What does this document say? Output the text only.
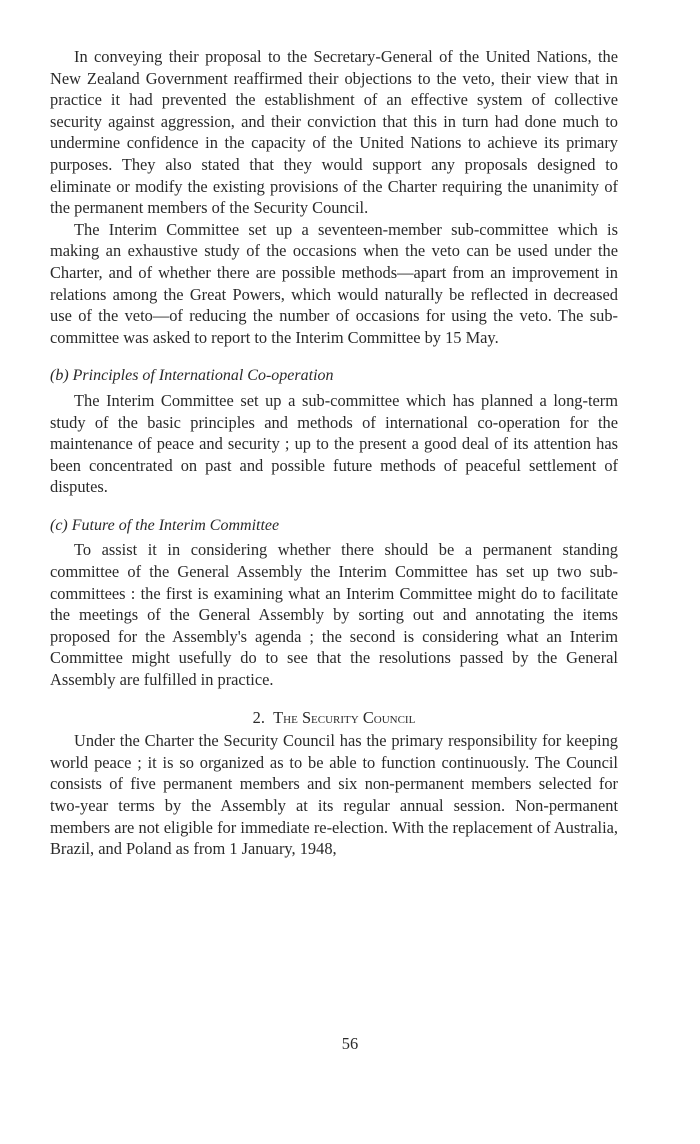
In conveying their proposal to the Secretary-General of the United Nations, the New Zealand Government reaffirmed their objections to the veto, their view that in practice it had prevented the establishment of an effective system of collective security against aggression, and their conviction that this in turn had done much to undermine confidence in the capacity of the United Nations to achieve its primary purposes. They also stated that they would support any proposals designed to eliminate or modify the existing provisions of the Charter requiring the unanimity of the permanent members of the Security Council.

The Interim Committee set up a seventeen-member sub-committee which is making an exhaustive study of the occasions when the veto can be used under the Charter, and of whether there are possible methods—apart from an improvement in relations among the Great Powers, which would naturally be reflected in decreased use of the veto—of reducing the number of occasions for using the veto. The sub-committee was asked to report to the Interim Committee by 15 May.

(b) Principles of International Co-operation

The Interim Committee set up a sub-committee which has planned a long-term study of the basic principles and methods of international co-operation for the maintenance of peace and security ; up to the present a good deal of its attention has been concentrated on past and possible future methods of peaceful settlement of disputes.

(c) Future of the Interim Committee

To assist it in considering whether there should be a permanent standing committee of the General Assembly the Interim Committee has set up two sub-committees : the first is examining what an Interim Committee might do to facilitate the meetings of the General Assembly by sorting out and annotating the items proposed for the Assembly's agenda ; the second is considering what an Interim Committee might usefully do to see that the resolutions passed by the General Assembly are fulfilled in practice.

2. The Security Council

Under the Charter the Security Council has the primary responsibility for keeping world peace ; it is so organized as to be able to function continuously. The Council consists of five permanent members and six non-permanent members selected for two-year terms by the Assembly at its regular annual session. Non-permanent members are not eligible for immediate re-election. With the replacement of Australia, Brazil, and Poland as from 1 January, 1948,

56
